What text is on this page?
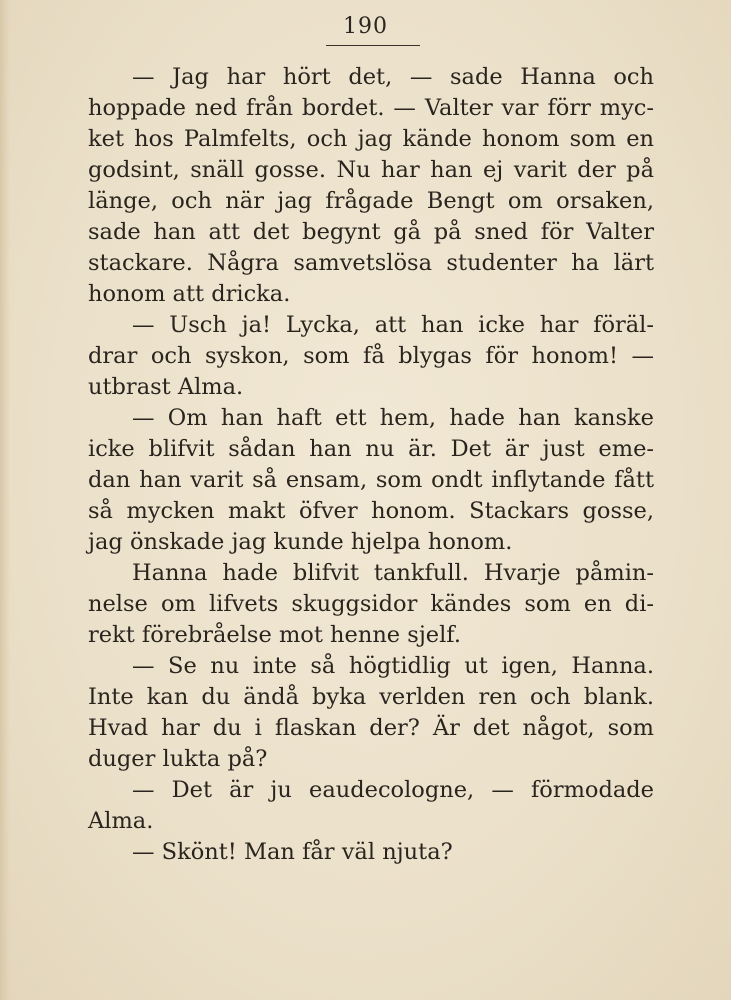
190
— Jag har hört det, — sade Hanna och
hoppade ned från bordet. — Valter var förr myc-
ket hos Palmfelts, och jag kände honom som en
godsint, snäll gosse. Nu har han ej varit der på
länge, och när jag frågade Bengt om orsaken,
sade han att det begynt gå på sned för Valter
stackare. Några samvetslösa studenter ha lärt
honom att dricka.
— Usch ja! Lycka, att han icke har föräl-
drar och syskon, som få blygas för honom! —
utbrast Alma.
— Om han haft ett hem, hade han kanske
icke blifvit sådan han nu är. Det är just eme-
dan han varit så ensam, som ondt inflytande fått
så mycken makt öfver honom. Stackars gosse,
jag önskade jag kunde hjelpa honom.
Hanna hade blifvit tankfull. Hvarje påmin-
nelse om lifvets skuggsidor kändes som en di-
rekt förebråelse mot henne sjelf.
— Se nu inte så högtidlig ut igen, Hanna.
Inte kan du ändå byka verlden ren och blank.
Hvad har du i flaskan der? Är det något, som
duger lukta på?
— Det är ju eaudecologne, — förmodade
Alma.
— Skönt! Man får väl njuta?
